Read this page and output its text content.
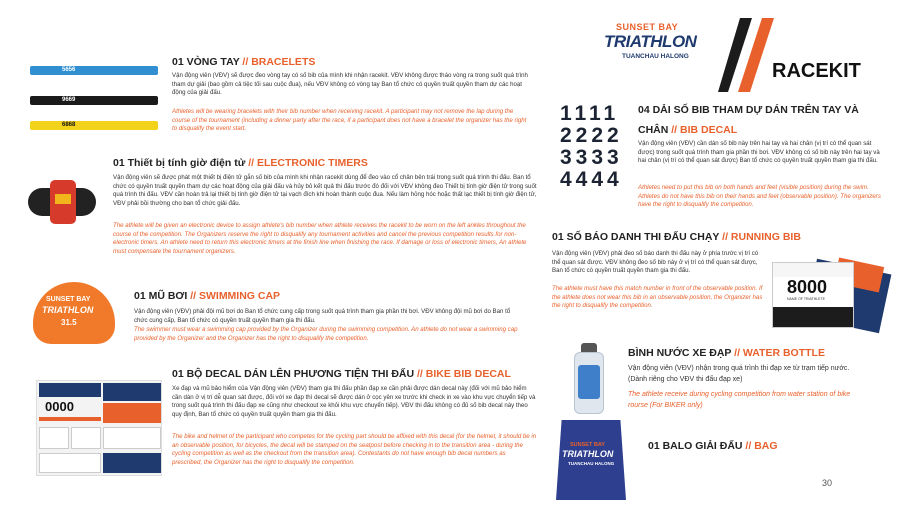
SUNSET BAY
TRIATHLON
TUANCHAU HALONG
RACEKIT
5656
9669
6868
01 VÒNG TAY // BRACELETS
Vận động viên (VĐV) sẽ được đeo vòng tay có số bib của mình khi nhận racekit. VĐV không được tháo vòng ra trong suốt quá trình tham dự giải (bao gồm cả tiệc tối sau cuộc đua), nếu VĐV không có vòng tay Ban tổ chức có quyền truất quyền tham dự các hoạt động của giải đấu.
Athletes will be wearing bracelets with their bib number when receiving racekit. A participant may not remove the lap during the course of the tournament (including a dinner party after the race, if a participant does not have a bracelet the organizer has the right to disqualify the event start.
01 Thiết bị tính giờ điện tử // ELECTRONIC TIMERS
Vận động viên sẽ được phát một thiết bị điện tử gắn số bib của mình khi nhận racekit dùng để đeo vào cổ chân bên trái trong suốt quá trình thi đấu. Ban tổ chức có quyền truất quyền tham dự các hoạt động của giải đấu và hủy bỏ kết quả thi đấu trước đó đối với VĐV không đeo Thiết bị tính giờ điện tử trong suốt quá trình thi đấu. VĐV cần hoàn trả lại thiết bị tính giờ điện tử tại vạch đích khi hoàn thành cuộc đua. Nếu làm hỏng hóc hoặc thất lạc thiết bị tính giờ điện tử, VĐV phải bồi thường cho ban tổ chức giải đấu.
The athlete will be given an electronic device to assign athlete's bib number when athlete receives the racekit to be worn on the left ankles throughout the course of the competition. The Organizers reserve the right to disqualify any tournament activities and cancel the previous competition results for non-electronic timers. An athlete need to return this electronic timers at the finish line when finishing the race. If damage or loss of electronic timers, An athlete must compensate the tournament organizers.
SUNSET BAY
TRIATHLON
31.5
01 MŨ BƠI // SWIMMING CAP
Vận động viên (VĐV) phải đội mũ bơi do Ban tổ chức cung cấp trong suốt quá trình tham gia phần thi bơi. VĐV không đội mũ bơi do Ban tổ chức cung cấp, Ban tổ chức có quyền truất quyền tham gia thi đấu.
The swimmer must wear a swimming cap provided by the Organizer during the swimming competition. An athlete do not wear a swimming cap provided by the Organizer and the Organizer has the right to disqualify the competition.
0000
01 BỘ DECAL DÁN LÊN PHƯƠNG TIỆN THI ĐẤU // BIKE BIB DECAL
Xe đạp và mũ bảo hiểm của Vận động viên (VĐV) tham gia thi đấu phần đạp xe cần phải được dán decal này (đối với mũ bảo hiểm cần dán ở vị trí dễ quan sát được, đối với xe đạp thì decal sẽ được dán ở cọc yên xe trước khi check in xe vào khu vực chuyển tiếp và trong suốt quá trình thi đấu đạp xe cũng như checkout xe khỏi khu vực chuyển tiếp). VĐV thi đấu không có đủ số bib decal này theo quy định, Ban tổ chức có quyền truất quyền tham gia thi đấu.
The bike and helmet of the participant who competes for the cycling part should be affixed with this decal (for the helmet, it should be in an observable position, for bicycles, the decal will be stamped on the seatpost before checking in to the transition area - during the cycling competition as well as the checkout from the transition area). Contestants do not have enough bib decal numbers as prescribed, the Organizer has the right to disqualify the competition.
1111
2222
3333
4444
04 DẢI SỐ BIB THAM DỰ DÁN TRÊN TAY VÀ
CHÂN // BIB DECAL
Vận động viên (VĐV) cần dán số bib này trên hai tay và hai chân (vị trí có thể quan sát được) trong suốt quá trình tham gia phần thi bơi. VĐV không có số bib này trên hai tay và hai chân (vị trí có thể quan sát được) Ban tổ chức có quyền truất quyền tham gia thi đấu.
Athletes need to put this bib on both hands and feet (visible position) during the swim. Athletes do not have this bib on their hands and feet (observable position). The organizers have the right to disqualify the competition.
01 SỐ BÁO DANH THI ĐẤU CHẠY // RUNNING BIB
Vận động viên (VĐV) phải đeo số báo danh thi đấu này ở phía trước vị trí có thể quan sát được. VĐV không đeo số bib này ở vị trí có thể quan sát được, Ban tổ chức có quyền truất quyền tham gia thi đấu.
The athlete must have this match number in front of the observable position. If the athlete does not wear this bib in an observable position, the Organizer has the right to disqualify the competition.
8000
NAME OF TRIATHLETE
BÌNH NƯỚC XE ĐẠP // WATER BOTTLE
Vận động viên (VĐV) nhận trong quá trình thi đạp xe từ trạm tiếp nước. (Dành riêng cho VĐV thi đấu đạp xe)
The athlete receive during cycling competition from water station of bike rourse (For BIKER only)
SUNSET BAY
TRIATHLON
TUANCHAU HALONG
01 BALO GIẢI ĐẤU // BAG
30
